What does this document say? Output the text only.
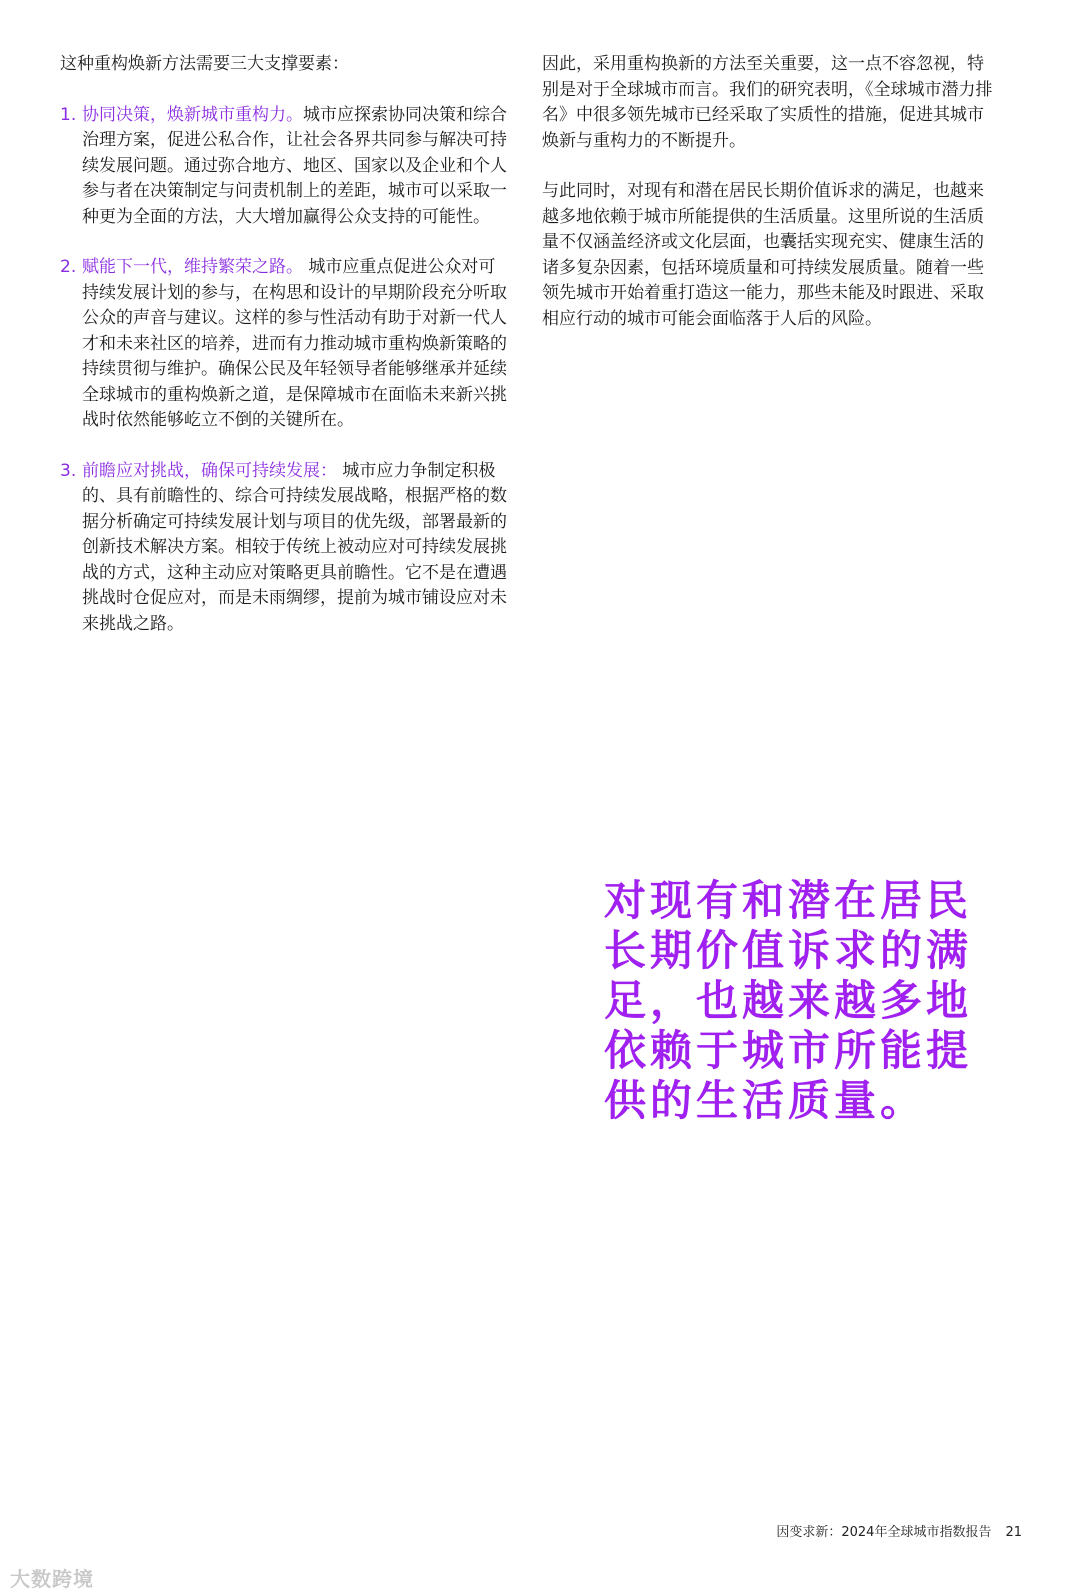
这种重构焕新方法需要三大支撑要素：

1. 协同决策，焕新城市重构力。城市应探索协同决策和综合治理方案，促进公私合作，让社会各界共同参与解决可持续发展问题。通过弥合地方、地区、国家以及企业和个人参与者在决策制定与问责机制上的差距，城市可以采取一种更为全面的方法，大大增加赢得公众支持的可能性。
2. 赋能下一代，维持繁荣之路。 城市应重点促进公众对可持续发展计划的参与，在构思和设计的早期阶段充分听取公众的声音与建议。这样的参与性活动有助于对新一代人才和未来社区的培养，进而有力推动城市重构焕新策略的持续贯彻与维护。确保公民及年轻领导者能够继承并延续全球城市的重构焕新之道，是保障城市在面临未来新兴挑战时依然能够屹立不倒的关键所在。
3. 前瞻应对挑战，确保可持续发展： 城市应力争制定积极的、具有前瞻性的、综合可持续发展战略，根据严格的数据分析确定可持续发展计划与项目的优先级，部署最新的创新技术解决方案。相较于传统上被动应对可持续发展挑战的方式，这种主动应对策略更具前瞻性。它不是在遭遇挑战时仓促应对，而是未雨绸缪，提前为城市铺设应对未来挑战之路。

因此，采用重构换新的方法至关重要，这一点不容忽视，特别是对于全球城市而言。我们的研究表明，《全球城市潜力排名》中很多领先城市已经采取了实质性的措施，促进其城市焕新与重构力的不断提升。

与此同时，对现有和潜在居民长期价值诉求的满足，也越来越多地依赖于城市所能提供的生活质量。这里所说的生活质量不仅涵盖经济或文化层面，也囊括实现充实、健康生活的诸多复杂因素，包括环境质量和可持续发展质量。随着一些领先城市开始着重打造这一能力，那些未能及时跟进、采取相应行动的城市可能会面临落于人后的风险。

对现有和潜在居民长期价值诉求的满足，也越来越多地依赖于城市所能提供的生活质量。
因变求新：2024年全球城市指数报告 21
大数跨境
